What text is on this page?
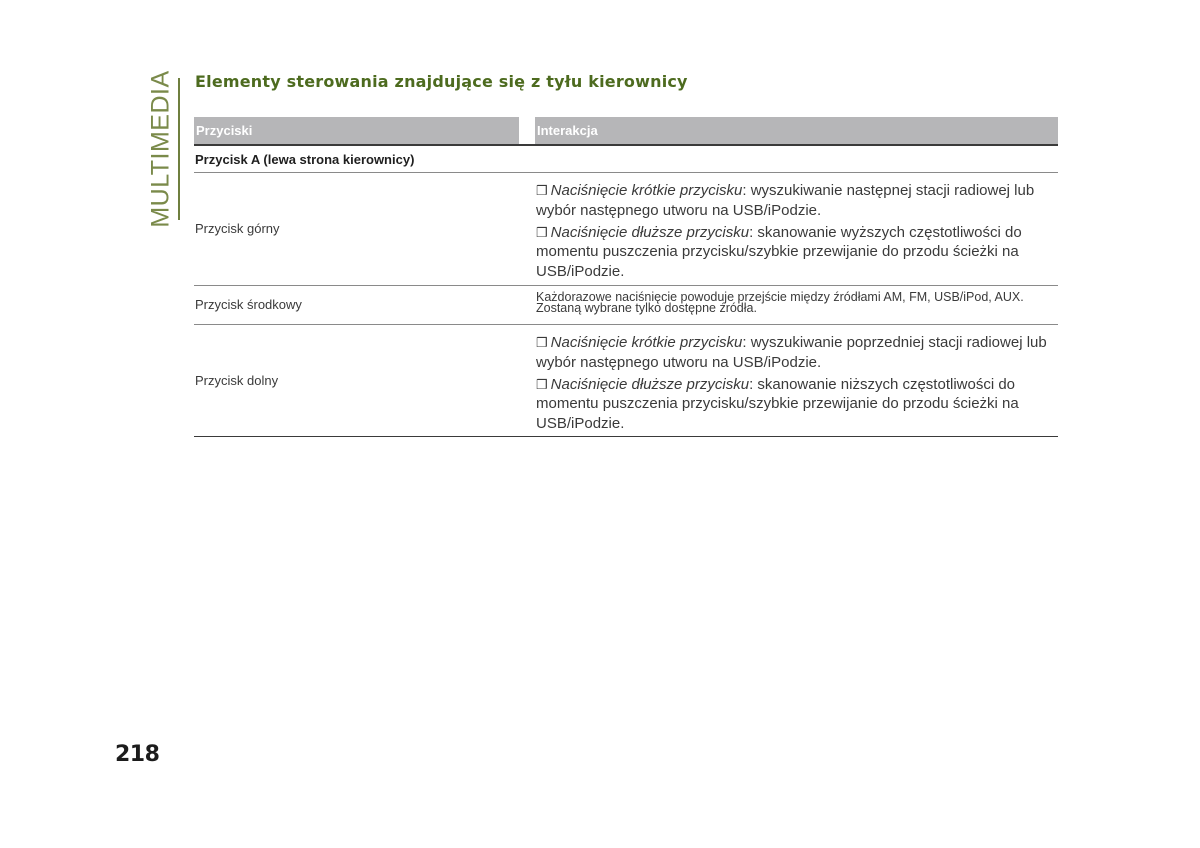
MULTIMEDIA Elementy sterowania znajdujące się z tyłu kierownicy
Przyciski	Interakcja
Przycisk A (lewa strona kierownicy)
Przycisk górny

❒ Naciśnięcie krótkie przycisku: wyszukiwanie następnej stacji radiowej lub wybór następnego utworu na USB/iPodzie.

❒ Naciśnięcie dłuższe przycisku: skanowanie wyższych częstotliwości do momentu puszczenia przycisku/szybkie przewijanie do przodu ścieżki na USB/iPodzie.

Przycisk środkowy	Każdorazowe naciśnięcie powoduje przejście między źródłami AM, FM, USB/iPod, AUX. Zostaną wybrane tylko dostępne źródła.

Przycisk dolny

❒ Naciśnięcie krótkie przycisku: wyszukiwanie poprzedniej stacji radiowej lub wybór następnego utworu na USB/iPodzie.

❒ Naciśnięcie dłuższe przycisku: skanowanie niższych częstotliwości do momentu puszczenia przycisku/szybkie przewijanie do przodu ścieżki na USB/iPodzie.

218
